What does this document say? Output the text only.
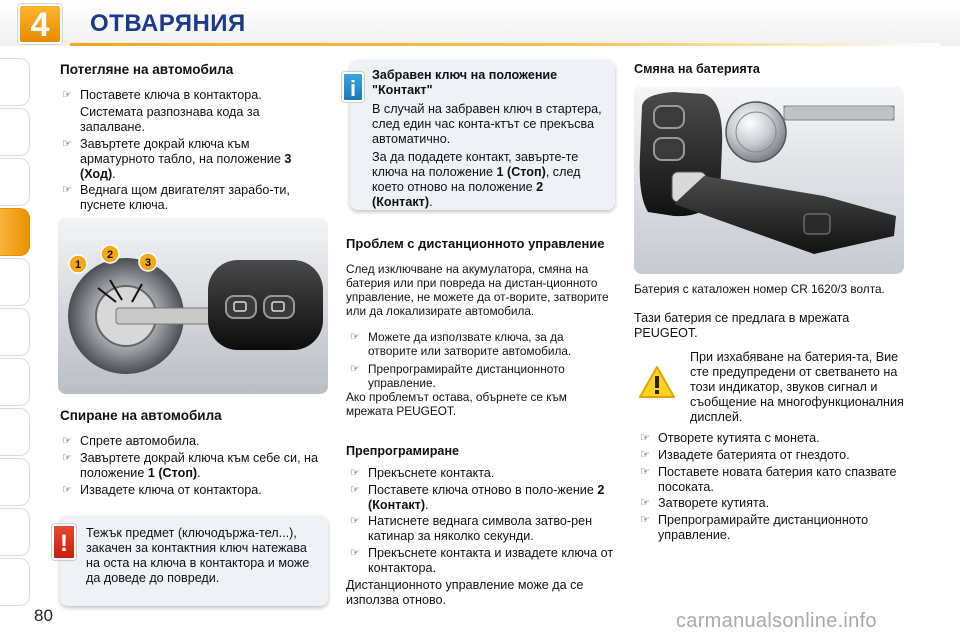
4	ОТВАРЯНИЯ
Потегляне на автомобила
☞ Поставете ключа в контактора.
Системата разпознава кода за запалване.
☞ Завъртете докрай ключа към арматурното табло, на положение 3 (Ход).
☞ Веднага щом двигателят зарабо-ти, пуснете ключа.
1
2
3
Спиране на автомобила
☞ Спрете автомобила.
☞ Завъртете докрай ключа към себе си, на положение 1 (Стоп).
☞ Извадете ключа от контактора.
Тежък предмет (ключодържа-тел...), закачен за контактния ключ натежава на оста на ключа в контактора и може да доведе до повреди.
!
Забравен ключ на положение "Контакт"
В случай на забравен ключ в стартера, след един час конта-ктът се прекъсва автоматично.
За да подадете контакт, завърте-те ключа на положение 1 (Стоп), след което отново на положение 2 (Контакт).
i
Проблем с дистанционното управление
След изключване на акумулатора, смяна на батерия или при повреда на дистан-ционното управление, не можете да от-ворите, затворите или да локализирате автомобила.
☞ Можете да използвате ключа, за да отворите или затворите автомобила.
☞ Препрограмирайте дистанционното управление.
Ако проблемът остава, обърнете се към мрежата PEUGEOT.
Препрограмиране
☞ Прекъснете контакта.
☞ Поставете ключа отново в поло-жение 2 (Контакт).
☞ Натиснете веднага символа затво-рен катинар за няколко секунди.
☞ Прекъснете контакта и извадете ключа от контактора.
Дистанционното управление може да се използва отново.
Смяна на батерията
Батерия с каталожен номер CR 1620/3 волта.
Тази батерия се предлага в мрежата PEUGEOT.
При изхабяване на батерия-та, Вие сте предупредени от светването на този индикатор, звуков сигнал и съобщение на многофункционалния дисплей.
☞ Отворете кутията с монета.
☞ Извадете батерията от гнездото.
☞ Поставете новата батерия като спазвате посоката.
☞ Затворете кутията.
☞ Препрограмирайте дистанционното управление.
80	carmanualsonline.info
